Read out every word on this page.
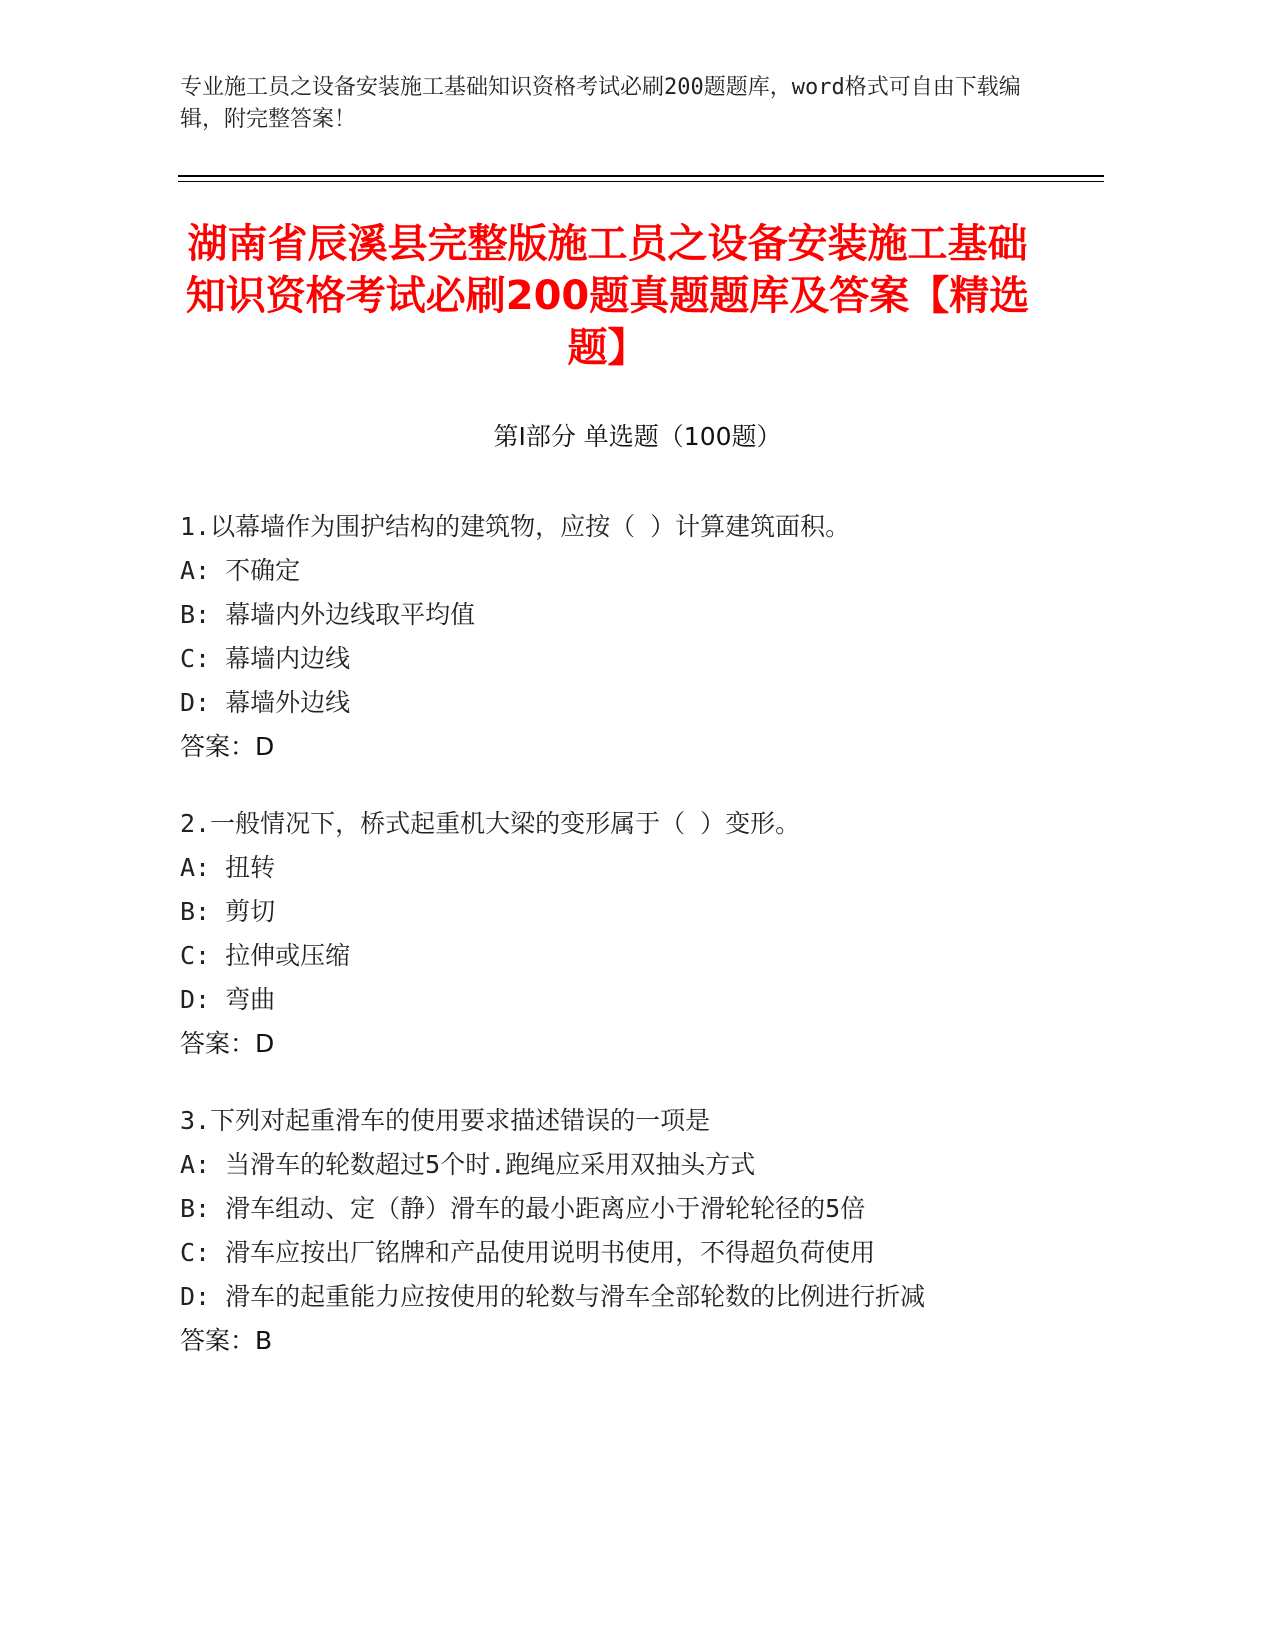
专业施工员之设备安装施工基础知识资格考试必刷200题题库，word格式可自由下载编辑，附完整答案！
湖南省辰溪县完整版施工员之设备安装施工基础知识资格考试必刷200题真题题库及答案【精选题】
第I部分 单选题（100题）
1.以幕墙作为围护结构的建筑物，应按（ ）计算建筑面积。
A: 不确定
B: 幕墙内外边线取平均值
C: 幕墙内边线
D: 幕墙外边线
答案：D
2.一般情况下，桥式起重机大梁的变形属于（ ）变形。
A: 扭转
B: 剪切
C: 拉伸或压缩
D: 弯曲
答案：D
3.下列对起重滑车的使用要求描述错误的一项是
A: 当滑车的轮数超过5个时.跑绳应采用双抽头方式
B: 滑车组动、定（静）滑车的最小距离应小于滑轮轮径的5倍
C: 滑车应按出厂铭牌和产品使用说明书使用，不得超负荷使用
D: 滑车的起重能力应按使用的轮数与滑车全部轮数的比例进行折减
答案：B
